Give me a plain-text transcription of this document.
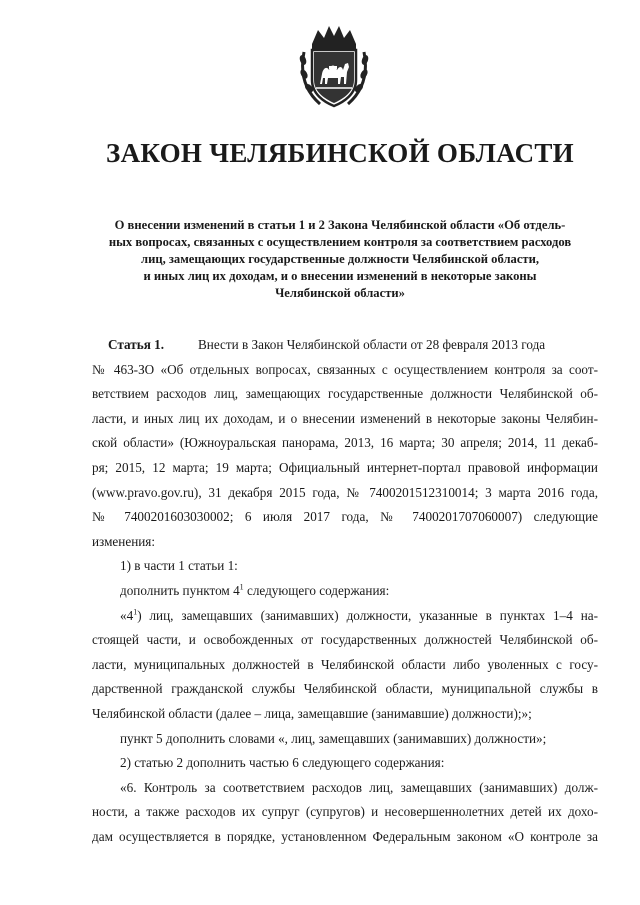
ЗАКОН ЧЕЛЯБИНСКОЙ ОБЛАСТИ
О внесении изменений в статьи 1 и 2 Закона Челябинской области «Об отдель-
ных вопросах, связанных с осуществлением контроля за соответствием расходов
лиц, замещающих государственные должности Челябинской области,
и иных лиц их доходам, и о внесении изменений в некоторые законы
Челябинской области»
Статья 1.	Внести в Закон Челябинской области от 28 февраля 2013 года
№ 463-ЗО «Об отдельных вопросах, связанных с осуществлением контроля за соот-
ветствием расходов лиц, замещающих государственные должности Челябинской об-
ласти, и иных лиц их доходам, и о внесении изменений в некоторые законы Челябин-
ской области» (Южноуральская панорама, 2013, 16 марта; 30 апреля; 2014, 11 декаб-
ря; 2015, 12 марта; 19 марта; Официальный интернет-портал правовой информации
(www.pravo.gov.ru), 31 декабря 2015 года, № 7400201512310014; 3 марта 2016 года,
№ 7400201603030002; 6 июля 2017 года, № 7400201707060007) следующие
изменения:
1) в части 1 статьи 1:
дополнить пунктом $4^1$ следующего содержания:
«$4^1$) лиц, замещавших (занимавших) должности, указанные в пунктах 1–4 на-
стоящей части, и освобожденных от государственных должностей Челябинской об-
ласти, муниципальных должностей в Челябинской области либо уволенных с госу-
дарственной гражданской службы Челябинской области, муниципальной службы в
Челябинской области (далее – лица, замещавшие (занимавшие) должности);»;
пункт 5 дополнить словами «, лиц, замещавших (занимавших) должности»;
2) статью 2 дополнить частью 6 следующего содержания:
«6. Контроль за соответствием расходов лиц, замещавших (занимавших) долж-
ности, а также расходов их супруг (супругов) и несовершеннолетних детей их дохо-
дам осуществляется в порядке, установленном Федеральным законом «О контроле за
